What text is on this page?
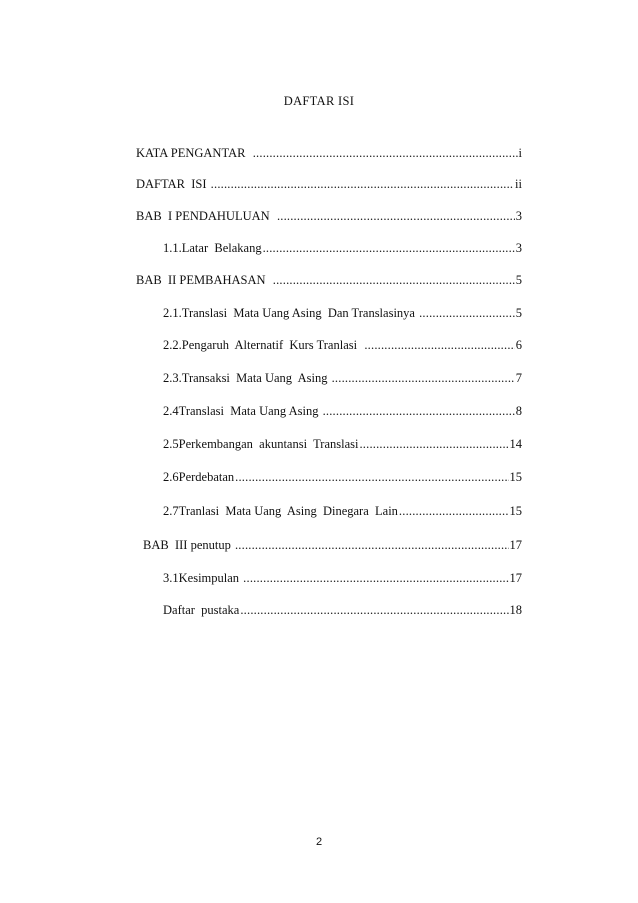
DAFTAR ISI
KATA PENGANTAR .....	i
DAFTAR  ISI .....	ii
BAB  I PENDAHULUAN .....	3
1.1. Latar  Belakang .....	3
BAB  II PEMBAHASAN .....	5
2.1. Translasi  Mata Uang Asing  Dan Translasinya .....	5
2.2. Pengaruh  Alternatif  Kurs Tranlasi .....	6
2.3. Transaksi  Mata Uang  Asing .....	7
2.4 Translasi  Mata Uang Asing .....	8
2.5 Perkembangan  akuntansi  Translasi .....	14
2.6 Perdebatan .....	15
2.7 Tranlasi  Mata Uang  Asing  Dinegara  Lain .....	15
BAB  III penutup .....	17
3.1 Kesimpulan .....	17
Daftar  pustaka .....	18
2
